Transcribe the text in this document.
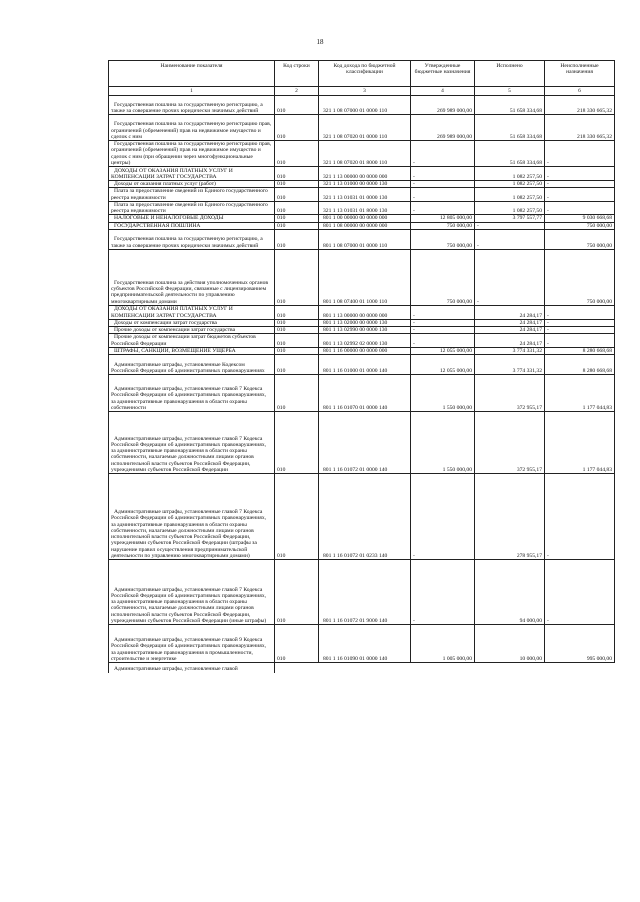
18
Наименование показателя	Код строки	Код дохода по бюджетной классификации	Утвержденные бюджетные назначения	Исполнено	Неисполненные назначения
1	2	3	4	5	6
Государственная пошлина за государственную регистрацию, а также за совершение прочих юридически значимых действий	010	321 1 08 07000 01 0000 110	269 989 000,00	51 658 334,68	218 330 665,32
Государственная пошлина за государственную регистрацию прав, ограничений (обременений) прав на недвижимое имущество и сделок с ним	010	321 1 08 07020 01 0000 110	269 989 000,00	51 658 334,68	218 330 665,32
Государственная пошлина за государственную регистрацию прав, ограничений (обременений) прав на недвижимое имущество и сделок с ним (при обращении через многофункциональные центры)	010	321 1 08 07020 01 8000 110	-	51 658 334,68	-
ДОХОДЫ ОТ ОКАЗАНИЯ ПЛАТНЫХ УСЛУГ И КОМПЕНСАЦИИ ЗАТРАТ ГОСУДАРСТВА	010	321 1 13 00000 00 0000 000	-	1 082 257,50	-
Доходы от оказания платных услуг (работ)	010	321 1 13 01000 00 0000 130	-	1 082 257,50	-
Плата за предоставление сведений из Единого государственного реестра недвижимости	010	321 1 13 01031 01 0000 130	-	1 082 257,50	-
Плата за предоставление сведений из Единого государственного реестра недвижимости	010	321 1 13 01031 01 8000 130	-	1 082 257,50	-
НАЛОГОВЫЕ И НЕНАЛОГОВЫЕ ДОХОДЫ	010	801 1 00 00000 00 0000 000	12 805 000,00	3 797 557,77	9 030 668,68
ГОСУДАРСТВЕННАЯ ПОШЛИНА	010	801 1 08 00000 00 0000 000	750 000,00	-	750 000,00
Государственная пошлина за государственную регистрацию, а также за совершение прочих юридически значимых действий	010	801 1 08 07000 01 0000 110	750 000,00	-	750 000,00
Государственная пошлина за действия уполномоченных органов субъектов Российской Федерации, связанные с лицензированием предпринимательской деятельности по управлению многоквартирными домами	010	801 1 08 07400 01 1000 110	750 000,00	-	750 000,00
ДОХОДЫ ОТ ОКАЗАНИЯ ПЛАТНЫХ УСЛУГ И КОМПЕНСАЦИИ ЗАТРАТ ГОСУДАРСТВА	010	801 1 13 00000 00 0000 000	-	24 284,17	-
Доходы от компенсации затрат государства	010	801 1 13 02000 00 0000 130	-	24 284,17	-
Прочие доходы от компенсации затрат государства	010	801 1 13 02990 00 0000 130	-	24 284,17	-
Прочие доходы от компенсации затрат бюджетов субъектов Российской Федерации	010	801 1 13 02992 02 0000 130	-	24 284,17	-
ШТРАФЫ, САНКЦИИ, ВОЗМЕЩЕНИЕ УЩЕРБА	010	801 1 16 00000 00 0000 000	12 055 000,00	3 774 331,32	8 280 668,68
Административные штрафы, установленные Кодексом Российской Федерации об административных правонарушениях	010	801 1 16 01000 01 0000 140	12 055 000,00	3 774 331,32	8 280 668,68
Административные штрафы, установленные главой 7 Кодекса Российской Федерации об административных правонарушениях, за административные правонарушения в области охраны собственности	010	801 1 16 01070 01 0000 140	1 550 000,00	372 955,17	1 177 044,83
Административные штрафы, установленные главой 7 Кодекса Российской Федерации об административных правонарушениях, за административные правонарушения в области охраны собственности, налагаемые должностными лицами органов исполнительной власти субъектов Российской Федерации, учреждениями субъектов Российской Федерации	010	801 1 16 01072 01 0000 140	1 550 000,00	372 955,17	1 177 044,83
Административные штрафы, установленные главой 7 Кодекса Российской Федерации об административных правонарушениях, за административные правонарушения в области охраны собственности, налагаемые должностными лицами органов исполнительной власти субъектов Российской Федерации, учреждениями субъектов Российской Федерации (штрафы за нарушение правил осуществления предпринимательской деятельности по управлению многоквартирными домами)	010	801 1 16 01072 01 0233 140	-	278 955,17	-
Административные штрафы, установленные главой 7 Кодекса Российской Федерации об административных правонарушениях, за административные правонарушения в области охраны собственности, налагаемые должностными лицами органов исполнительной власти субъектов Российской Федерации, учреждениями субъектов Российской Федерации (иные штрафы)	010	801 1 16 01072 01 9000 140	-	94 000,00	-
Административные штрафы, установленные главой 9 Кодекса Российской Федерации об административных правонарушениях, за административные правонарушения в промышленности, строительстве и энергетике	010	801 1 16 01090 01 0000 140	1 005 000,00	10 000,00	995 000,00
Административные штрафы, установленные главой					
